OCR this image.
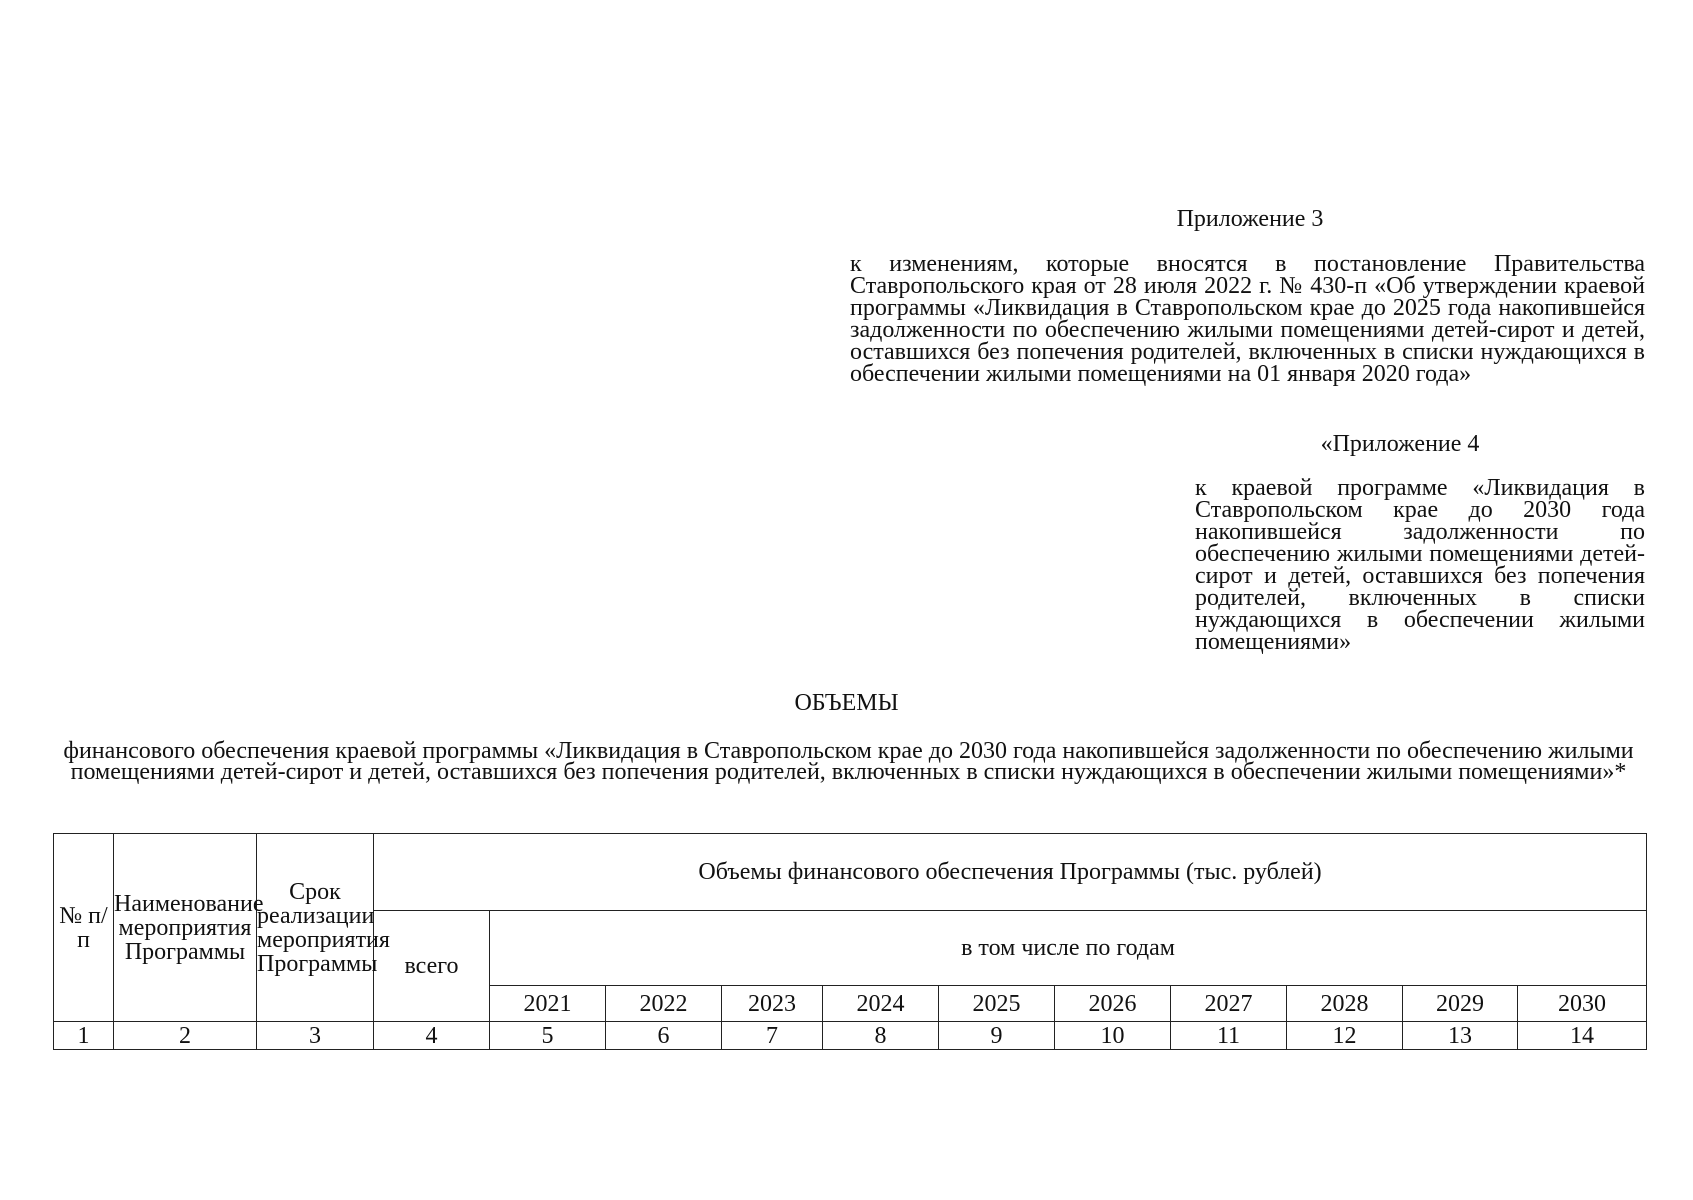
Приложение 3
к изменениям, которые вносятся в постановление Правительства Ставропольского края от 28 июля 2022 г. № 430-п «Об утверждении краевой программы «Ликвидация в Ставропольском крае до 2025 года накопившейся задолженности по обеспечению жилыми помещениями детей-сирот и детей, оставшихся без попечения родителей, включенных в списки нуждающихся в обеспечении жилыми помещениями на 01 января 2020 года»
«Приложение 4
к краевой программе «Ликвидация в Ставропольском крае до 2030 года накопившейся задолженности по обеспечению жилыми помещениями детей-сирот и детей, оставшихся без попечения родителей, включенных в списки нуждающихся в обеспечении жилыми помещениями»
ОБЪЕМЫ
финансового обеспечения краевой программы «Ликвидация в Ставропольском крае до 2030 года накопившейся задолженности по обеспечению жилыми помещениями детей-сирот и детей, оставшихся без попечения родителей, включенных в списки нуждающихся в обеспечении жилыми помещениями»*
№ п/п	Наименование мероприятия Программы	Срок реализации мероприятия Программы	Объемы финансового обеспечения Программы (тыс. рублей)										
			всего	в том числе по годам									
				2021	2022	2023	2024	2025	2026	2027	2028	2029	2030
1	2	3	4	5	6	7	8	9	10	11	12	13	14
